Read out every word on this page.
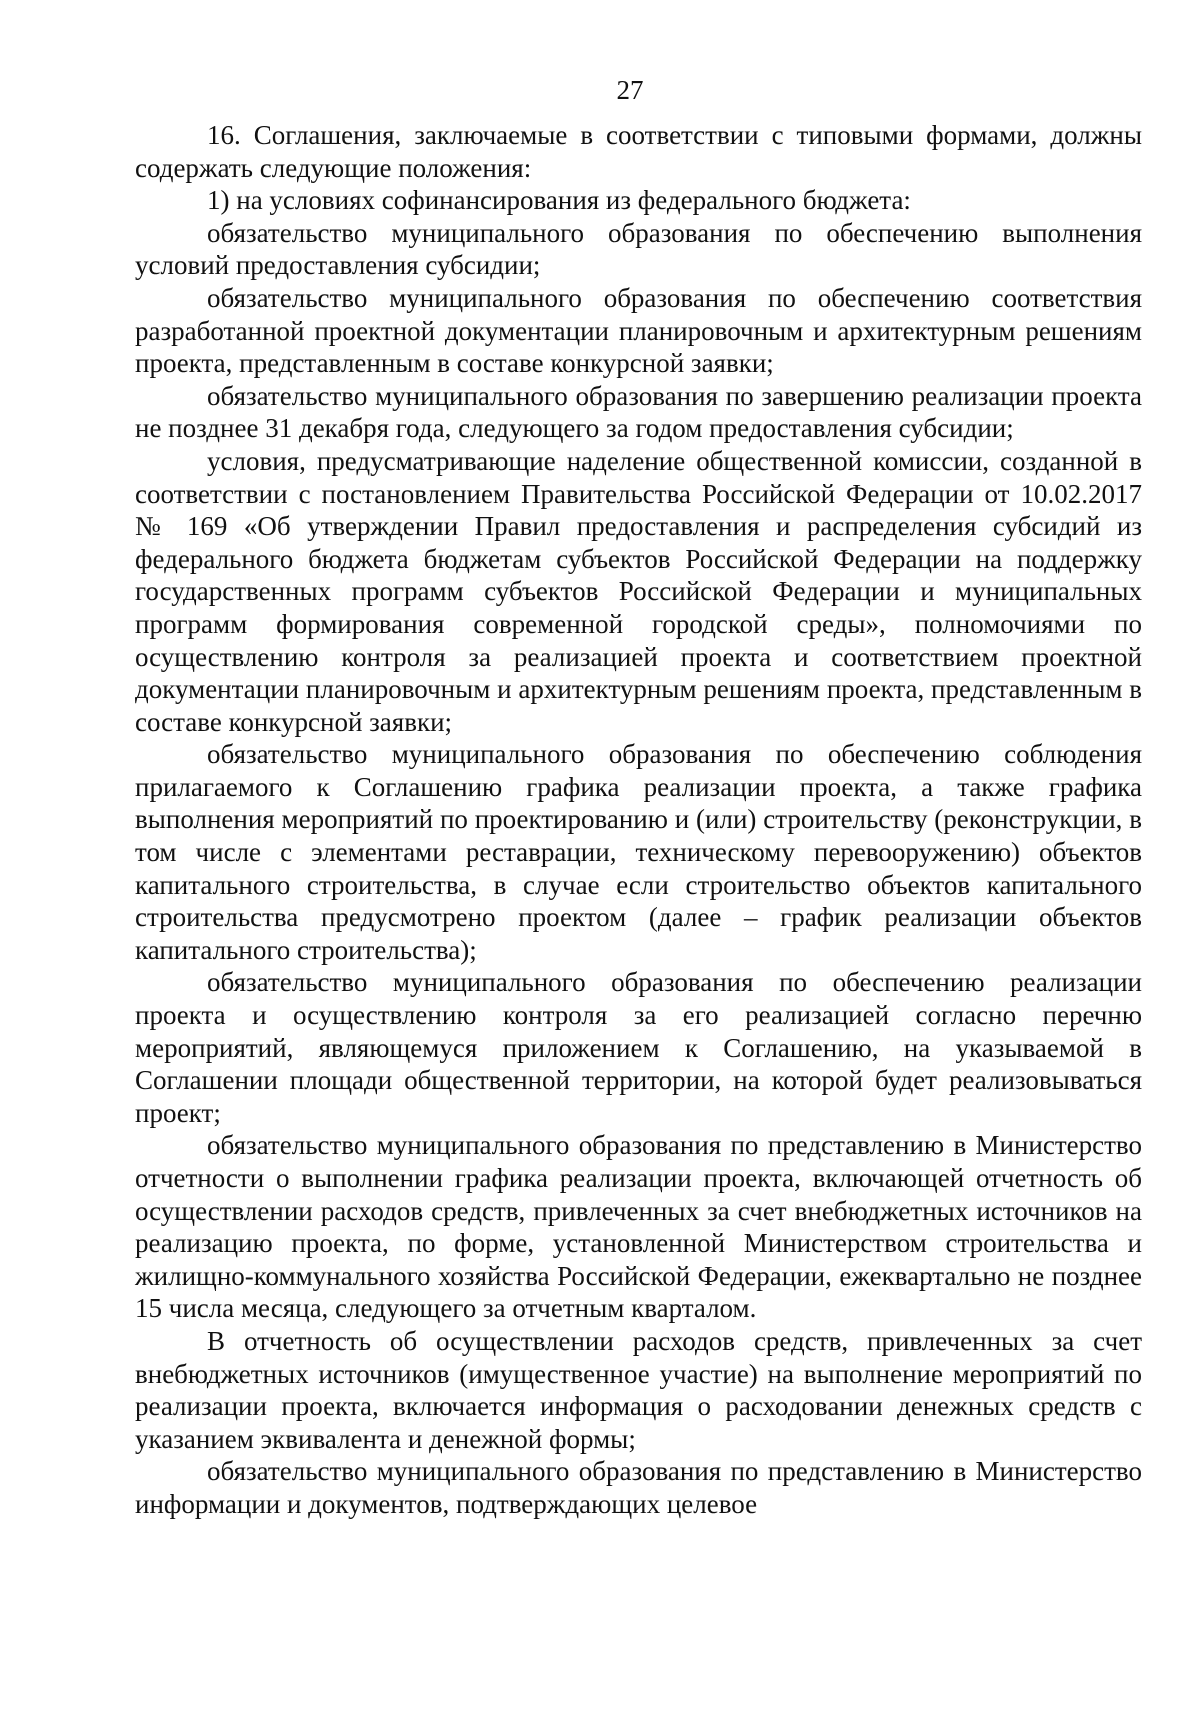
27

16. Соглашения, заключаемые в соответствии с типовыми формами, должны содержать следующие положения:

1) на условиях софинансирования из федерального бюджета:

обязательство муниципального образования по обеспечению выполнения условий предоставления субсидии;

обязательство муниципального образования по обеспечению соответствия разработанной проектной документации планировочным и архитектурным решениям проекта, представленным в составе конкурсной заявки;

обязательство муниципального образования по завершению реализации проекта не позднее 31 декабря года, следующего за годом предоставления субсидии;

условия, предусматривающие наделение общественной комиссии, созданной в соответствии с постановлением Правительства Российской Федерации от 10.02.2017 № 169 «Об утверждении Правил предоставления и распределения субсидий из федерального бюджета бюджетам субъектов Российской Федерации на поддержку государственных программ субъектов Российской Федерации и муниципальных программ формирования современной городской среды», полномочиями по осуществлению контроля за реализацией проекта и соответствием проектной документации планировочным и архитектурным решениям проекта, представленным в составе конкурсной заявки;

обязательство муниципального образования по обеспечению соблюдения прилагаемого к Соглашению графика реализации проекта, а также графика выполнения мероприятий по проектированию и (или) строительству (реконструкции, в том числе с элементами реставрации, техническому перевооружению) объектов капитального строительства, в случае если строительство объектов капитального строительства предусмотрено проектом (далее – график реализации объектов капитального строительства);

обязательство муниципального образования по обеспечению реализации проекта и осуществлению контроля за его реализацией согласно перечню мероприятий, являющемуся приложением к Соглашению, на указываемой в Соглашении площади общественной территории, на которой будет реализовываться проект;

обязательство муниципального образования по представлению в Министерство отчетности о выполнении графика реализации проекта, включающей отчетность об осуществлении расходов средств, привлеченных за счет внебюджетных источников на реализацию проекта, по форме, установленной Министерством строительства и жилищно-коммунального хозяйства Российской Федерации, ежеквартально не позднее 15 числа месяца, следующего за отчетным кварталом.

В отчетность об осуществлении расходов средств, привлеченных за счет внебюджетных источников (имущественное участие) на выполнение мероприятий по реализации проекта, включается информация о расходовании денежных средств с указанием эквивалента и денежной формы;

обязательство муниципального образования по представлению в Министерство информации и документов, подтверждающих целевое
